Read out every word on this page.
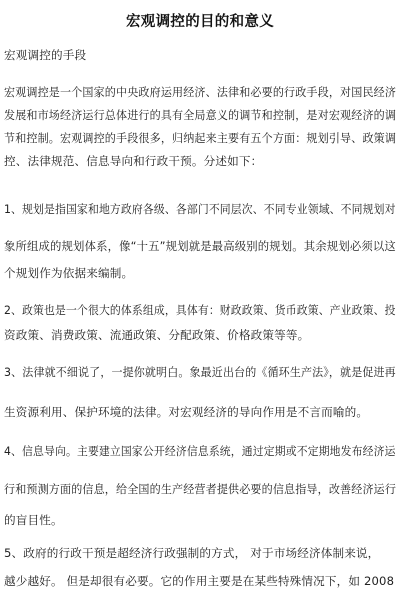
宏观调控的目的和意义
宏观调控的手段
宏观调控是一个国家的中央政府运用经济、法律和必要的行政手段，对国民经济
发展和市场经济运行总体进行的具有全局意义的调节和控制，是对宏观经济的调
节和控制。宏观调控的手段很多，归纳起来主要有五个方面：规划引导、政策调
控、法律规范、信息导向和行政干预。分述如下：
1、规划是指国家和地方政府各级、各部门不同层次、不同专业领域、不同规划对
象所组成的规划体系，像“十五”规划就是最高级别的规划。其余规划必须以这
个规划作为依据来编制。
2、政策也是一个很大的体系组成，具体有：财政政策、货币政策、产业政策、投
资政策、消费政策、流通政策、分配政策、价格政策等等。
3、法律就不细说了，一提你就明白。象最近出台的《循环生产法》，就是促进再
生资源利用、保护环境的法律。对宏观经济的导向作用是不言而喻的。
4、信息导向。主要建立国家公开经济信息系统，通过定期或不定期地发布经济运
行和预测方面的信息，给全国的生产经营者提供必要的信息指导，改善经济运行
的盲目性。
5、政府的行政干预是超经济行政强制的方式， 对于市场经济体制来说，
越少越好。 但是却很有必要。它的作用主要是在某些特殊情况下，如 2008
